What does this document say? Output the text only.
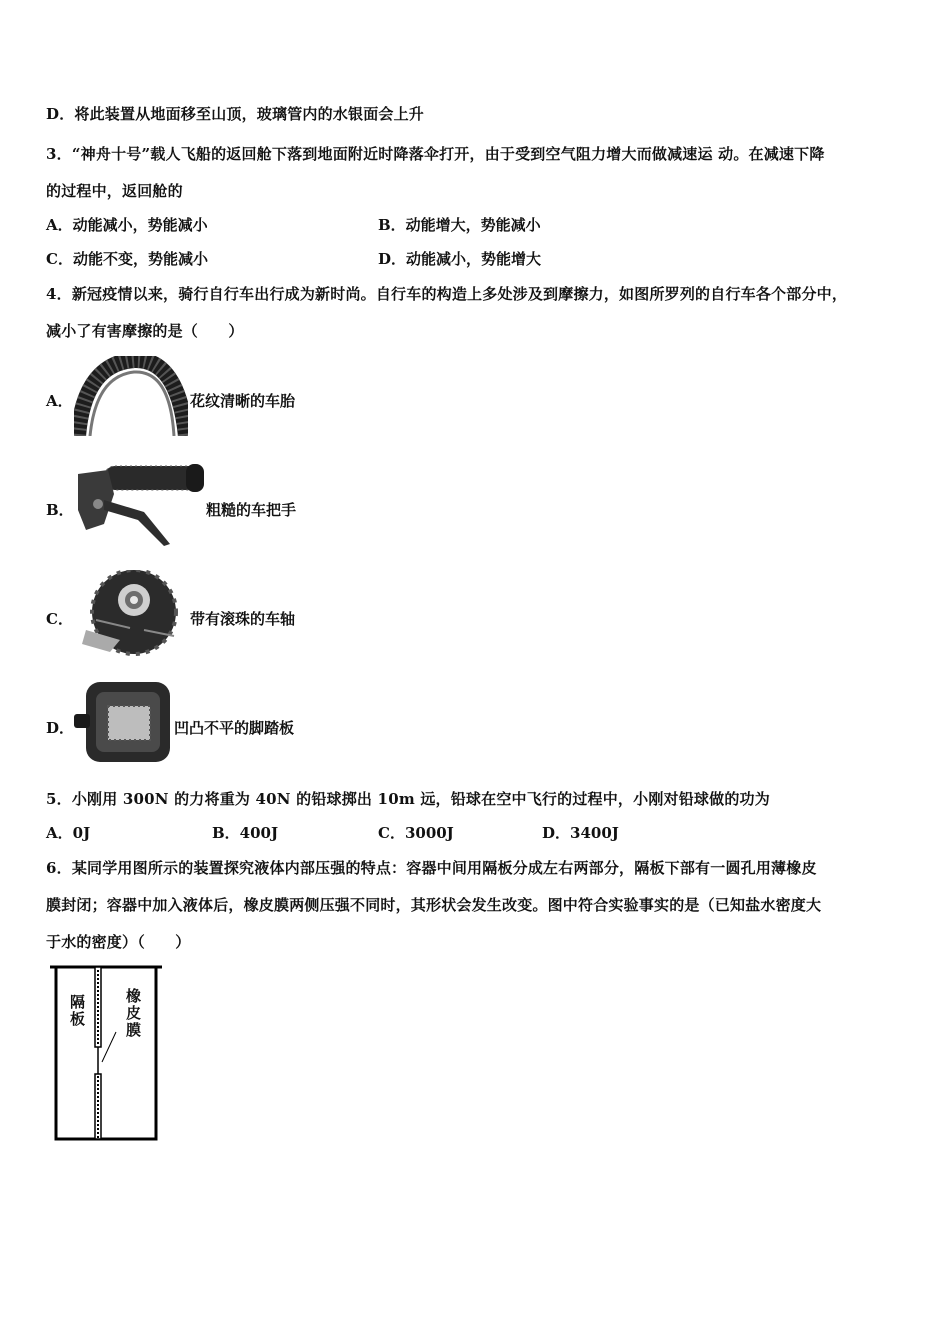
D．将此装置从地面移至山顶，玻璃管内的水银面会上升
3．“神舟十号”载人飞船的返回舱下落到地面附近时降落伞打开，由于受到空气阻力增大而做减速运 动。在减速下降
的过程中，返回舱的
A．动能减小，势能减小	B．动能增大，势能减小
C．动能不变，势能减小	D．动能减小，势能增大
4．新冠疫情以来，骑行自行车出行成为新时尚。自行车的构造上多处涉及到摩擦力，如图所罗列的自行车各个部分中，
减小了有害摩擦的是（　　）
A．	花纹清晰的车胎
B．	粗糙的车把手
C．	带有滚珠的车轴
D．	凹凸不平的脚踏板
5．小刚用 300N 的力将重为 40N 的铅球掷出 10m 远，铅球在空中飞行的过程中，小刚对铅球做的功为
A．0J	B．400J	C．3000J	D．3400J
6．某同学用图所示的装置探究液体内部压强的特点：容器中间用隔板分成左右两部分，隔板下部有一圆孔用薄橡皮
膜封闭；容器中加入液体后，橡皮膜两侧压强不同时，其形状会发生改变。图中符合实验事实的是（已知盐水密度大
于水的密度）（　　）
隔板
橡皮膜
